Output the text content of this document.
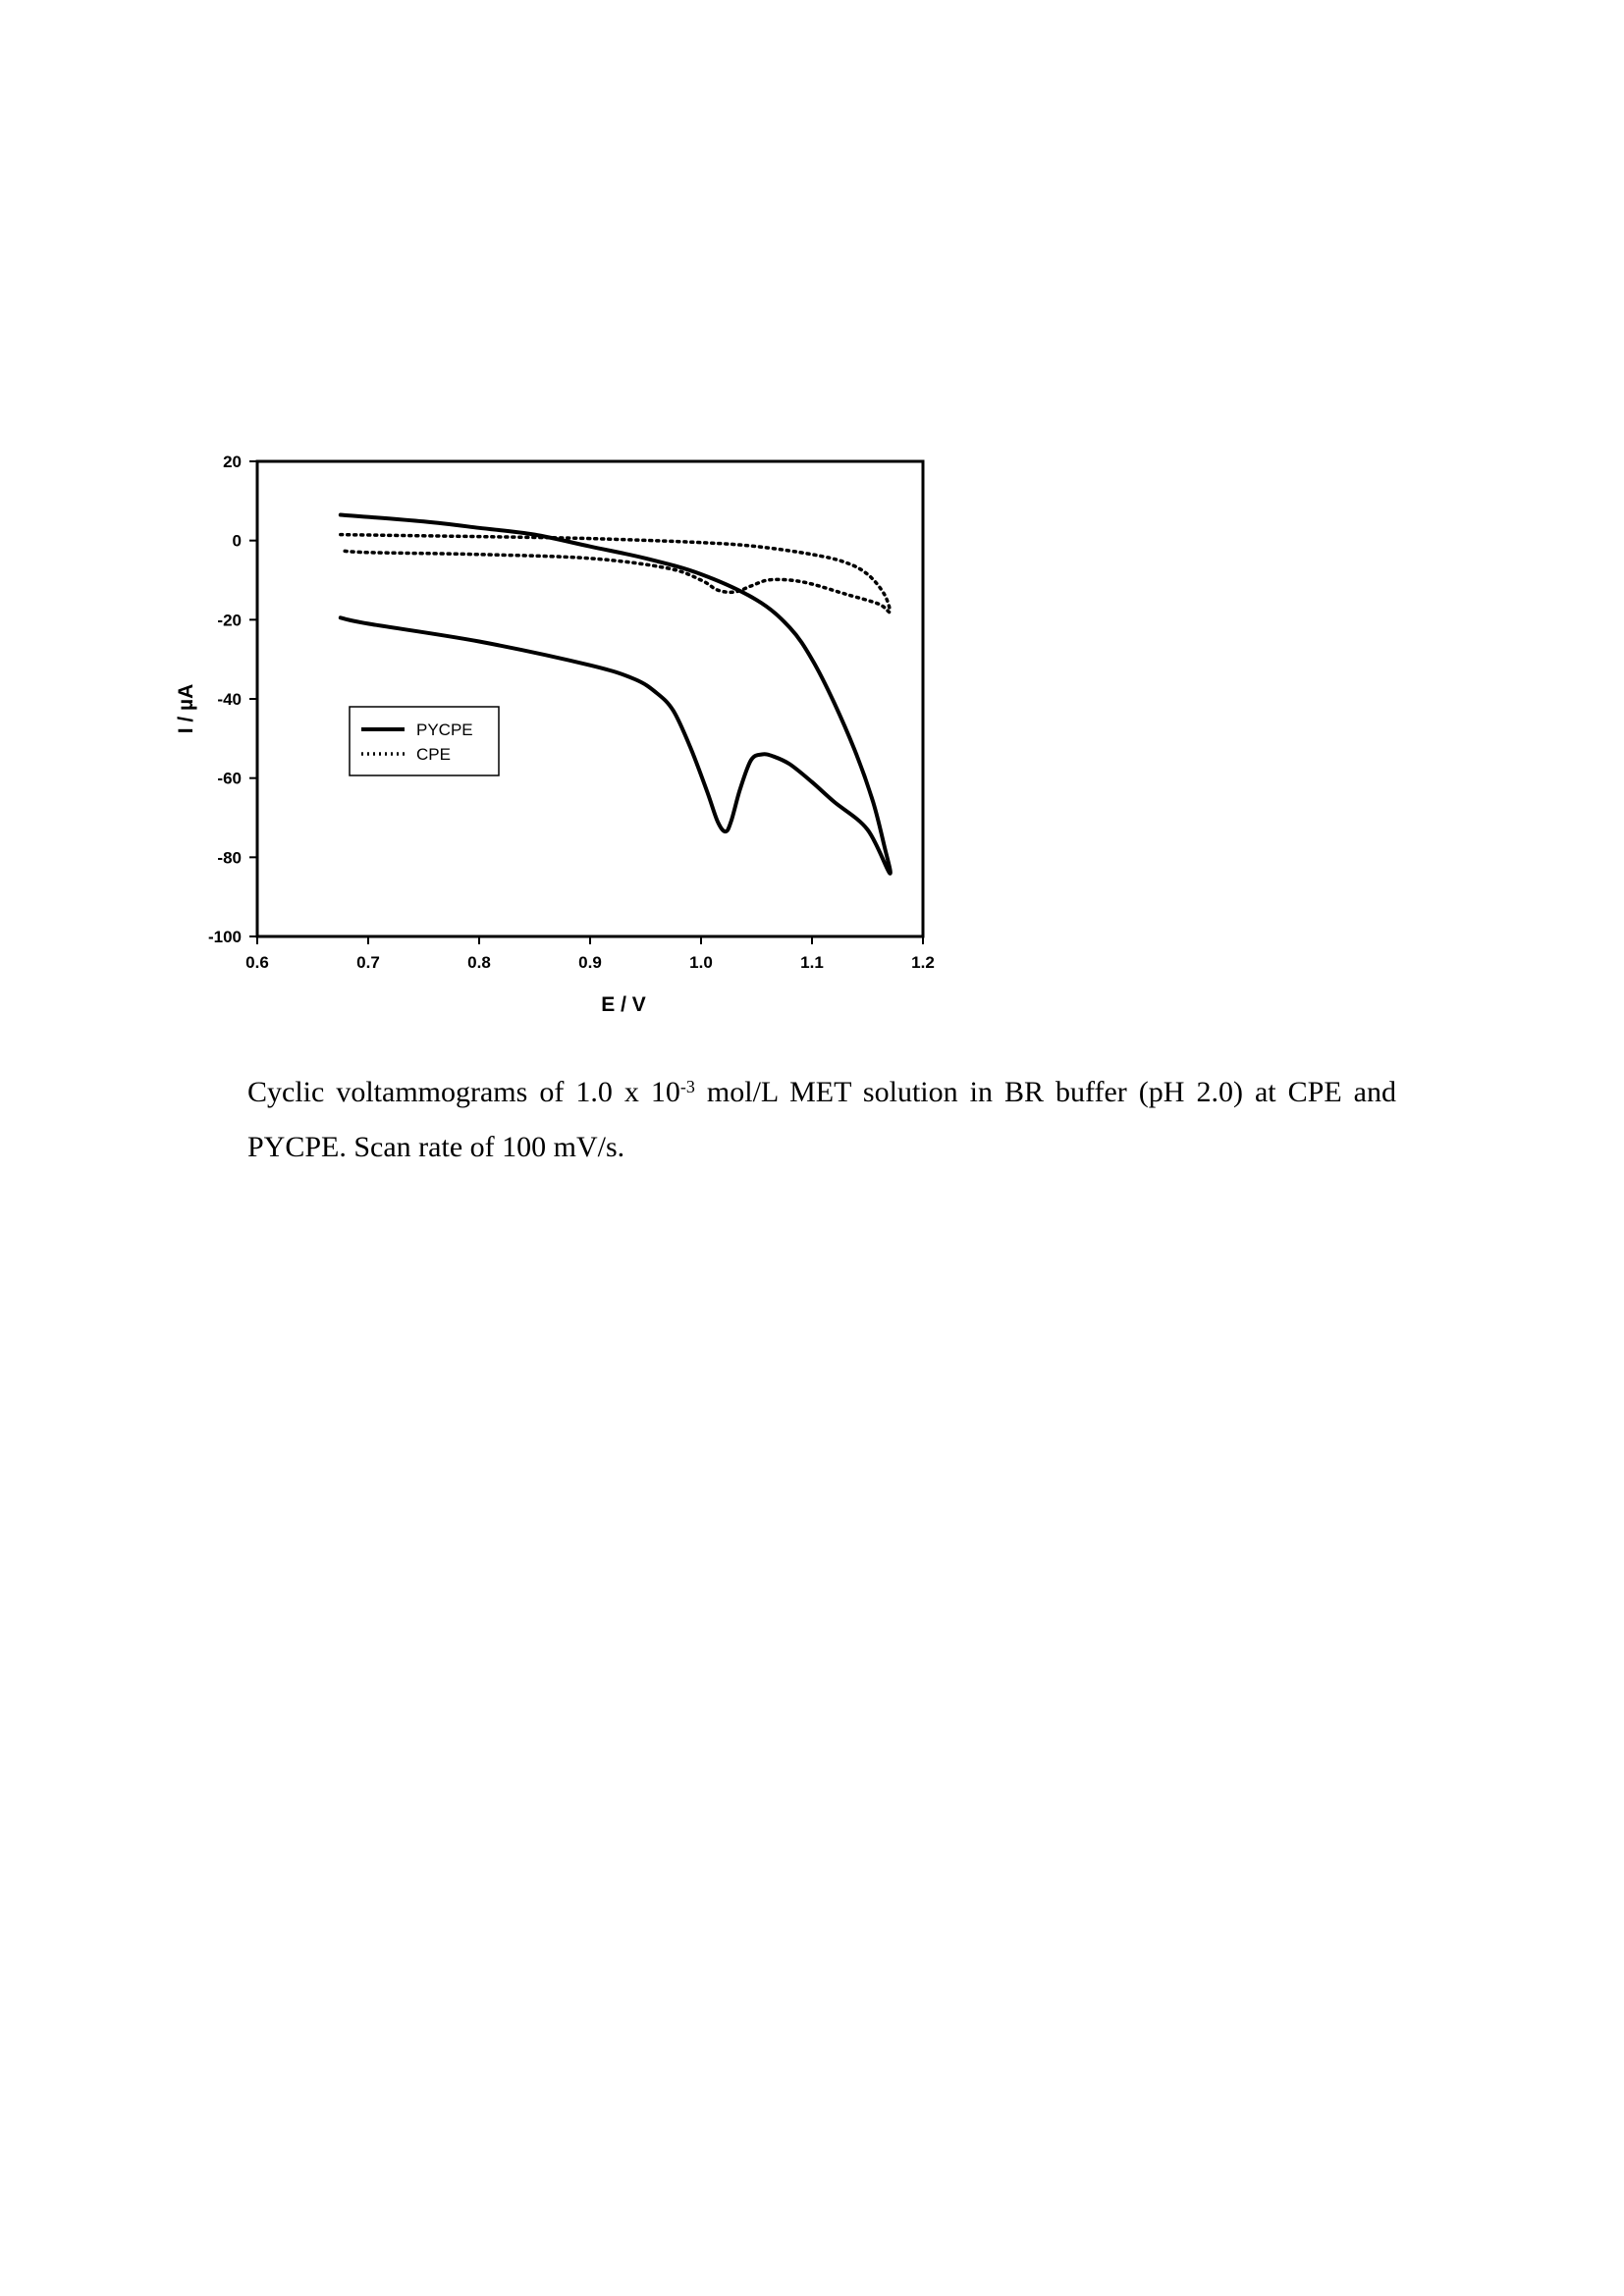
0.6	0.7	0.8	0.9	1.0	1.1	1.2
20
0
-20
-40
-60
-80
-100
E / V
I / µA	PYCPE
CPE
Cyclic voltammograms of 1.0 x $10^{-3}$ mol/L MET solution in BR buffer (pH 2.0) at CPE and PYCPE. Scan rate of 100 mV/s.
